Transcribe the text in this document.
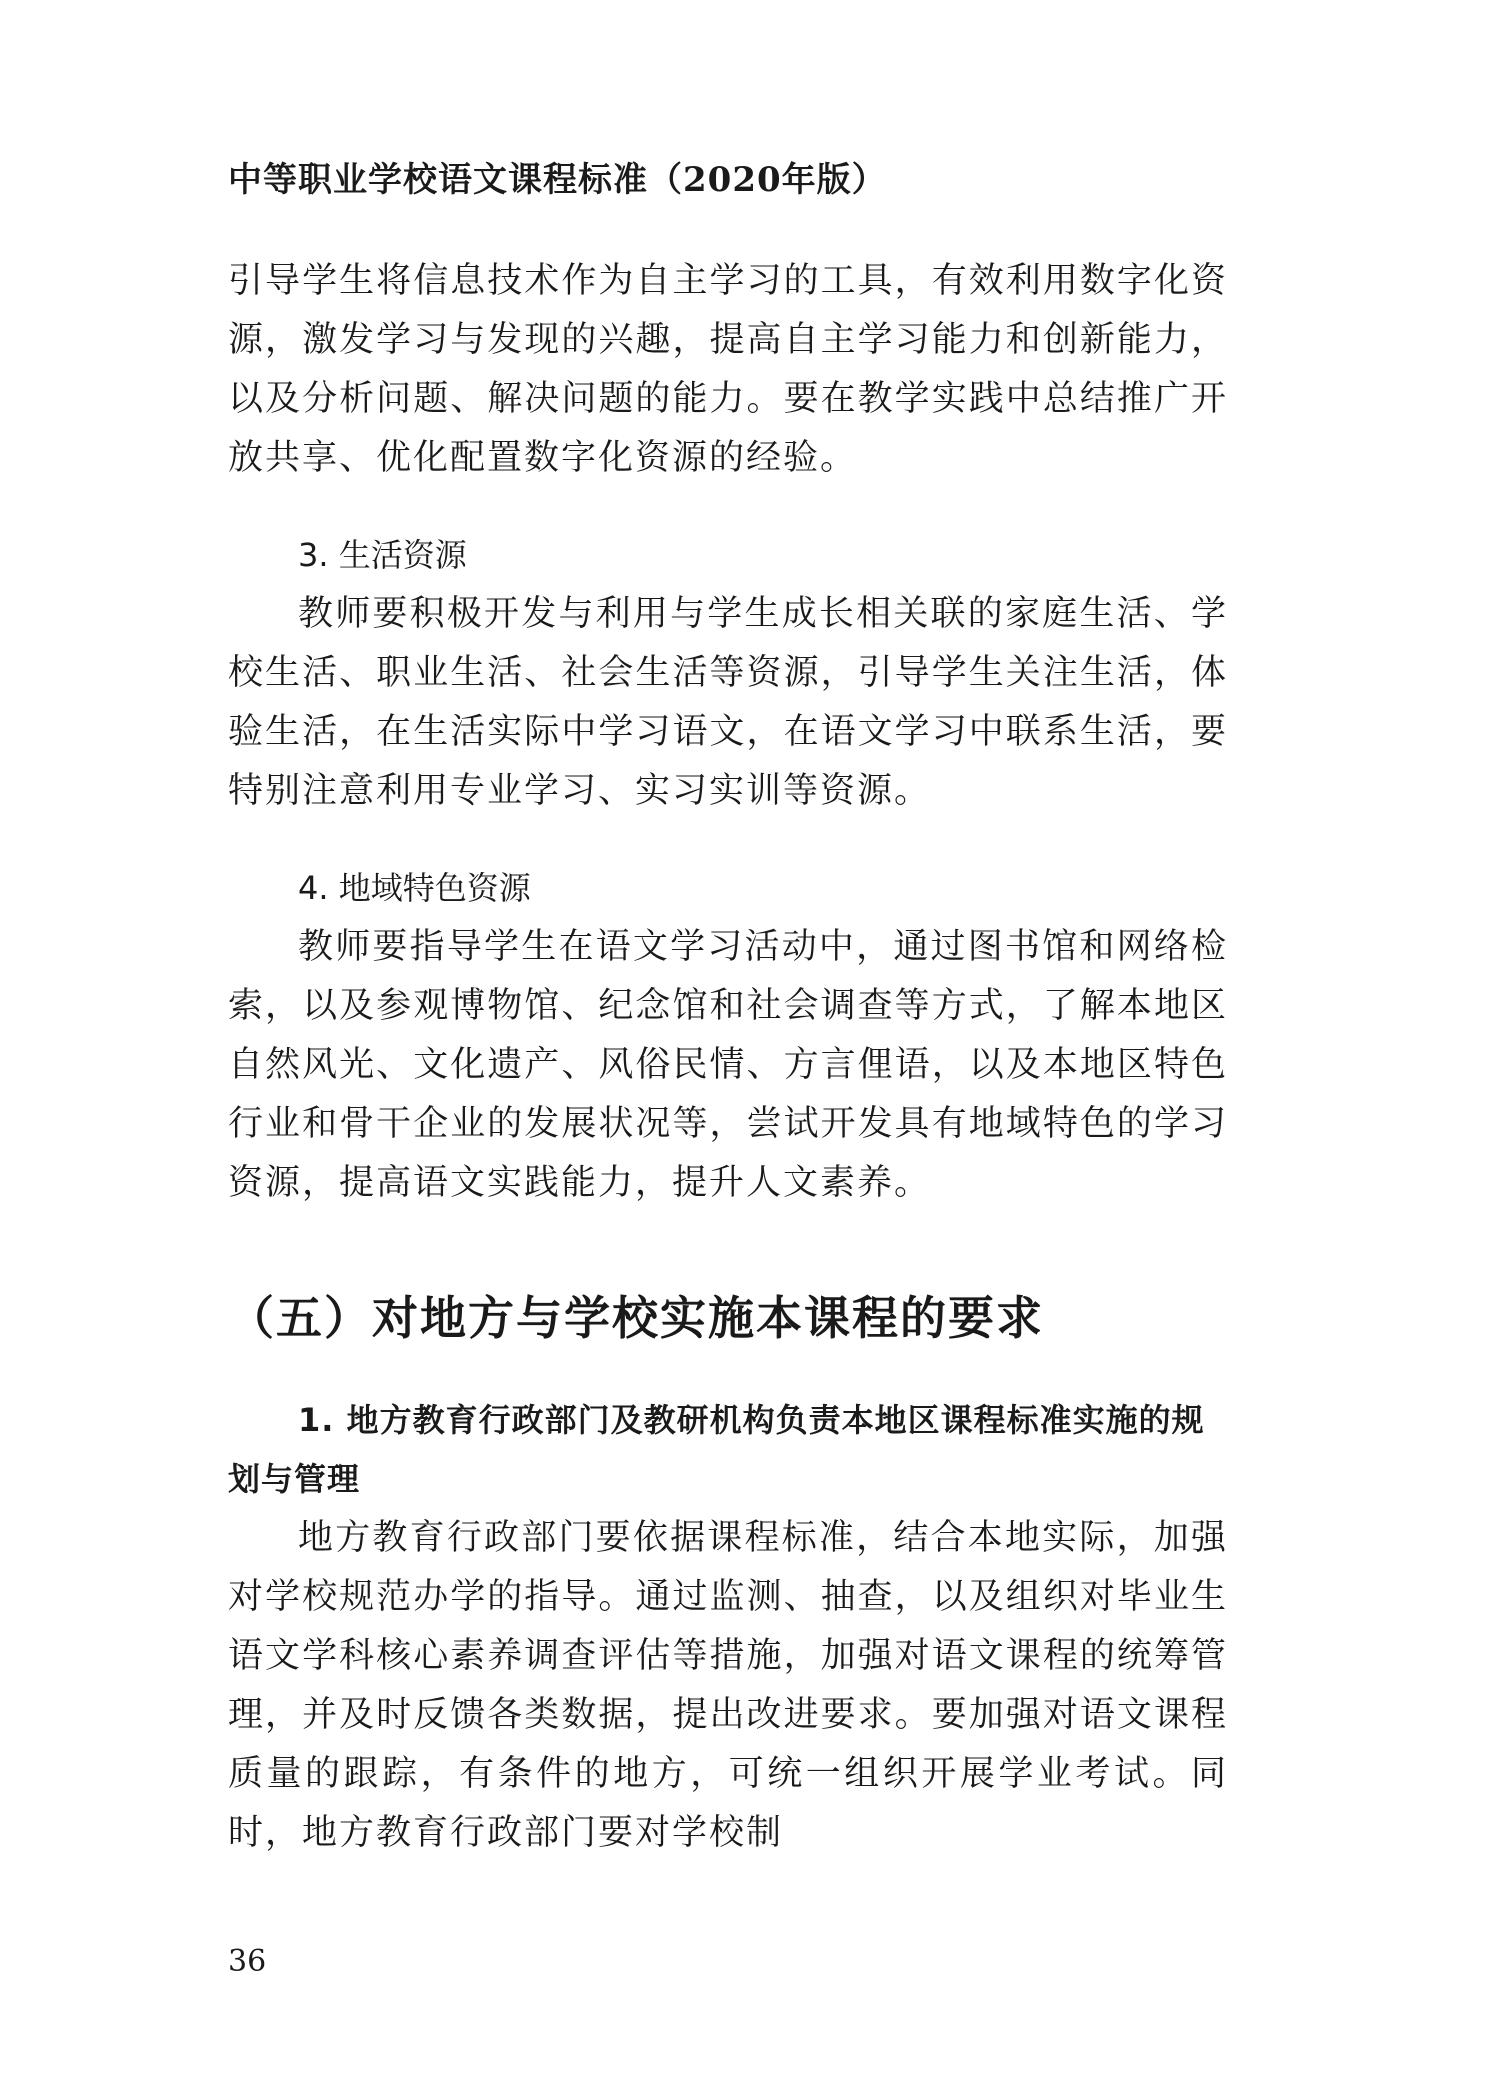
中等职业学校语文课程标准（2020年版）

引导学生将信息技术作为自主学习的工具，有效利用数字化资源，激发学习与发现的兴趣，提高自主学习能力和创新能力，以及分析问题、解决问题的能力。要在教学实践中总结推广开放共享、优化配置数字化资源的经验。

3. 生活资源

教师要积极开发与利用与学生成长相关联的家庭生活、学校生活、职业生活、社会生活等资源，引导学生关注生活，体验生活，在生活实际中学习语文，在语文学习中联系生活，要特别注意利用专业学习、实习实训等资源。

4. 地域特色资源

教师要指导学生在语文学习活动中，通过图书馆和网络检索，以及参观博物馆、纪念馆和社会调查等方式，了解本地区自然风光、文化遗产、风俗民情、方言俚语，以及本地区特色行业和骨干企业的发展状况等，尝试开发具有地域特色的学习资源，提高语文实践能力，提升人文素养。

（五）对地方与学校实施本课程的要求

1. 地方教育行政部门及教研机构负责本地区课程标准实施的规划与管理

地方教育行政部门要依据课程标准，结合本地实际，加强对学校规范办学的指导。通过监测、抽查，以及组织对毕业生语文学科核心素养调查评估等措施，加强对语文课程的统筹管理，并及时反馈各类数据，提出改进要求。要加强对语文课程质量的跟踪，有条件的地方，可统一组织开展学业考试。同时，地方教育行政部门要对学校制

36
